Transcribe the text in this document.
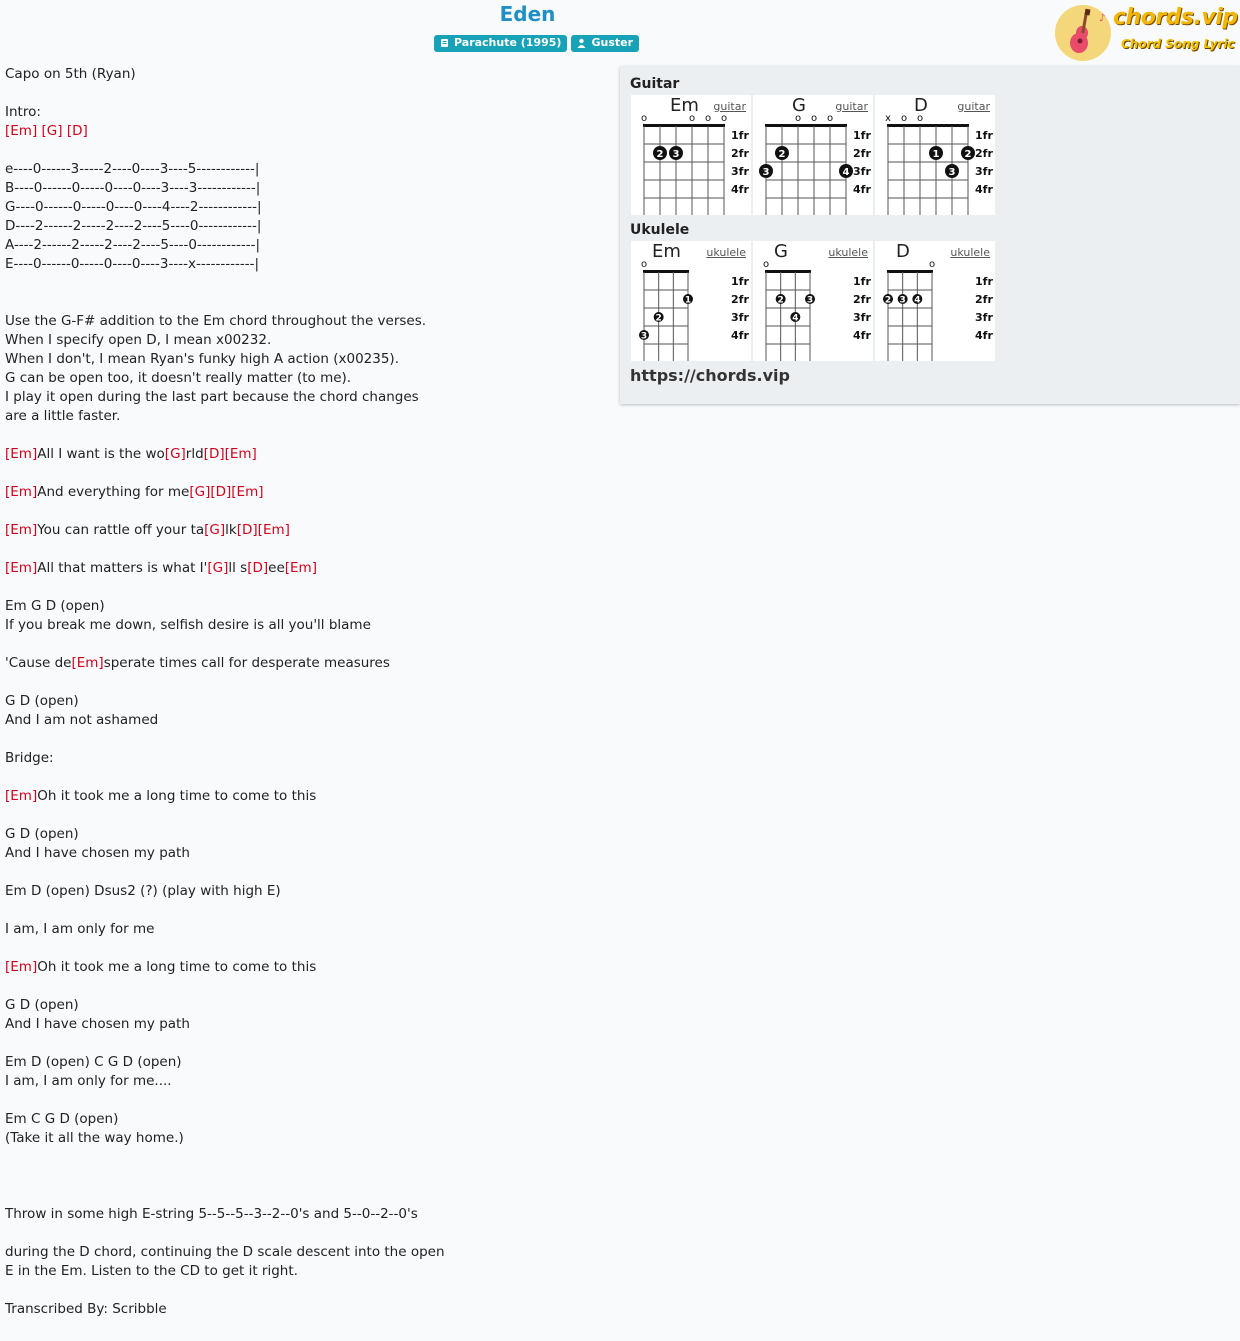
Eden
Parachute (1995)	Guster
♪ chords.vip
Chord Song Lyric
Capo on 5th (Ryan)
Intro:
[Em] [G] [D]
e----0------3-----2----0----3----5------------|
B----0------0-----0----0----3----3------------|
G----0------0-----0----0----4----2------------|
D----2------2-----2----2----5----0------------|
A----2------2-----2----2----5----0------------|
E----0------0-----0----0----3----x------------|
Use the G-F# addition to the Em chord throughout the verses.
When I specify open D, I mean x00232.
When I don't, I mean Ryan's funky high A action (x00235).
G can be open too, it doesn't really matter (to me).
I play it open during the last part because the chord changes
are a little faster.
[Em]All I want is the wo[G]rld[D][Em]
[Em]And everything for me[G][D][Em]
[Em]You can rattle off your ta[G]lk[D][Em]
[Em]All that matters is what I'[G]ll s[D]ee[Em]
Em G D (open)
If you break me down, selfish desire is all you'll blame
'Cause de[Em]sperate times call for desperate measures
G D (open)
And I am not ashamed
Bridge:
[Em]Oh it took me a long time to come to this
G D (open)
And I have chosen my path
Em D (open) Dsus2 (?) (play with high E)
I am, I am only for me
[Em]Oh it took me a long time to come to this
G D (open)
And I have chosen my path
Em D (open) C G D (open)
I am, I am only for me....
Em C G D (open)
(Take it all the way home.)
Throw in some high E-string 5--5--5--3--2--0's and 5--0--2--0's
during the D chord, continuing the D scale descent into the open
E in the Em. Listen to the CD to get it right.
Transcribed By: Scribble
Guitar
o	o o o
1fr
2fr
3fr
4fr
2 3
Em guitar
o o o
1fr
2fr
3fr
4fr
3
2
4
G	guitar
x o o
1fr
2fr
3fr
4fr
1
3
2
D	guitar
Ukulele
o
1fr
2fr
3fr
4fr
3
2
1
Em ukulele
o
1fr
2fr
3fr
4fr
2
4
3
G	ukulele
o
1fr
2fr
3fr
4fr
2 3 4
D	ukulele
https://chords.vip
